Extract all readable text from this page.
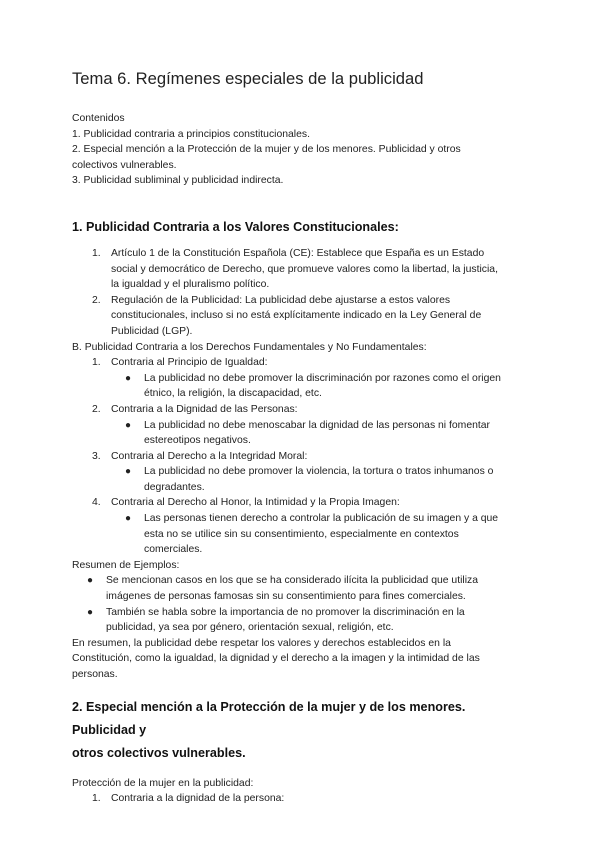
Tema 6. Regímenes especiales de la publicidad

Contenidos

1. Publicidad contraria a principios constitucionales.

2. Especial mención a la Protección de la mujer y de los menores. Publicidad y otros

colectivos vulnerables.

3. Publicidad subliminal y publicidad indirecta.

1. Publicidad Contraria a los Valores Constitucionales:

1. Artículo 1 de la Constitución Española (CE): Establece que España es un Estado

social y democrático de Derecho, que promueve valores como la libertad, la justicia,

la igualdad y el pluralismo político.

2. Regulación de la Publicidad: La publicidad debe ajustarse a estos valores

constitucionales, incluso si no está explícitamente indicado en la Ley General de

Publicidad (LGP).

B. Publicidad Contraria a los Derechos Fundamentales y No Fundamentales:

1. Contraria al Principio de Igualdad:

● La publicidad no debe promover la discriminación por razones como el origen

étnico, la religión, la discapacidad, etc.

2. Contraria a la Dignidad de las Personas:

● La publicidad no debe menoscabar la dignidad de las personas ni fomentar

estereotipos negativos.

3. Contraria al Derecho a la Integridad Moral:

● La publicidad no debe promover la violencia, la tortura o tratos inhumanos o

degradantes.

4. Contraria al Derecho al Honor, la Intimidad y la Propia Imagen:

● Las personas tienen derecho a controlar la publicación de su imagen y a que

esta no se utilice sin su consentimiento, especialmente en contextos

comerciales.

Resumen de Ejemplos:

● Se mencionan casos en los que se ha considerado ilícita la publicidad que utiliza

imágenes de personas famosas sin su consentimiento para fines comerciales.

● También se habla sobre la importancia de no promover la discriminación en la

publicidad, ya sea por género, orientación sexual, religión, etc.

En resumen, la publicidad debe respetar los valores y derechos establecidos en la

Constitución, como la igualdad, la dignidad y el derecho a la imagen y la intimidad de las

personas.

2. Especial mención a la Protección de la mujer y de los menores. Publicidad y

otros colectivos vulnerables.

Protección de la mujer en la publicidad:

1. Contraria a la dignidad de la persona:
